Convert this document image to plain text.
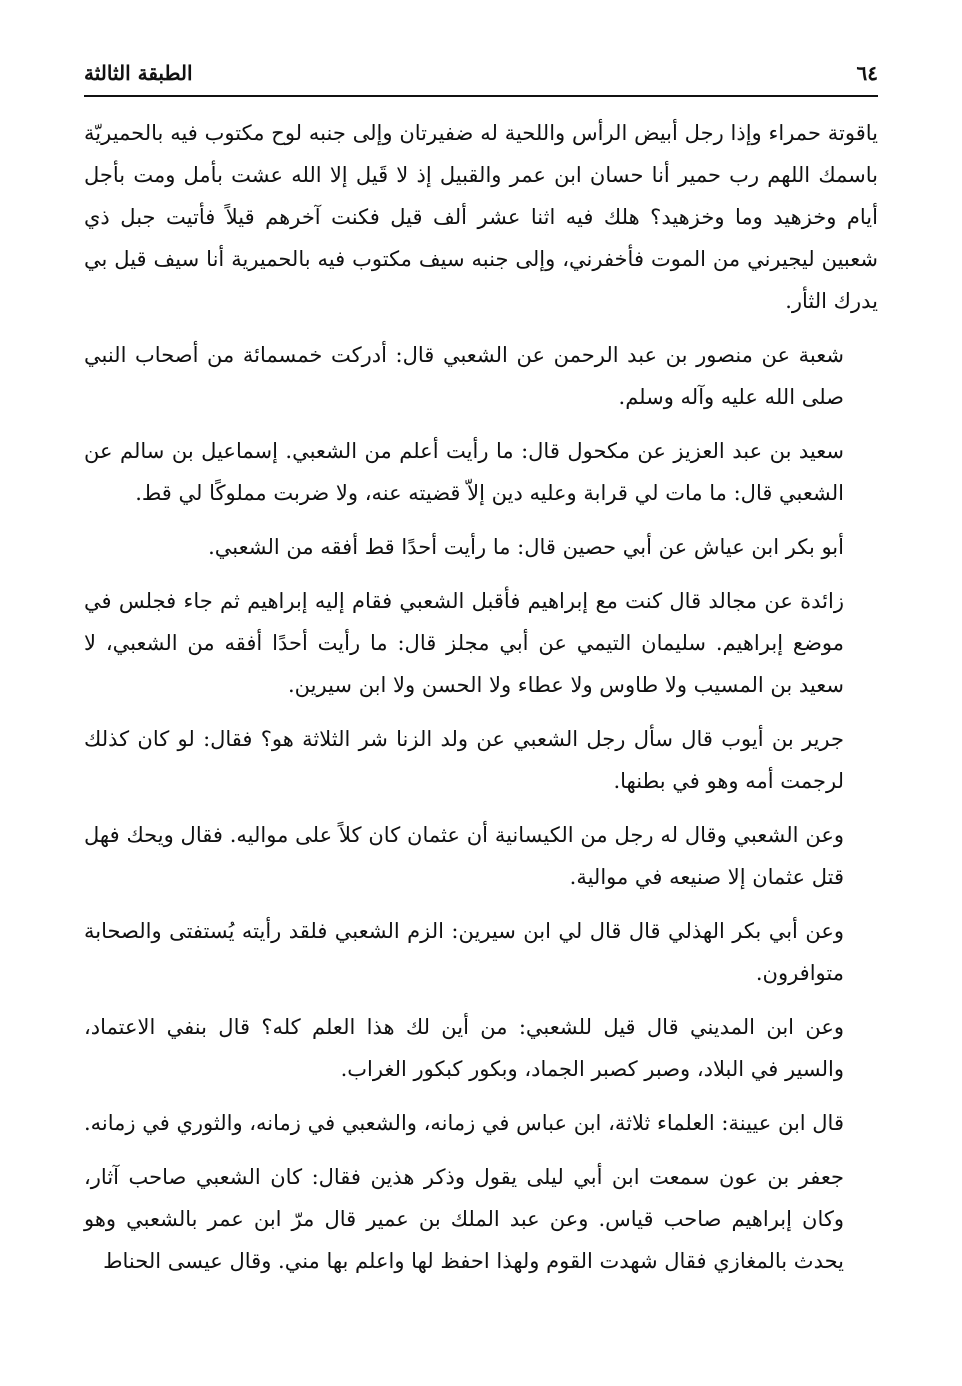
٦٤
الطبقة الثالثة

ياقوتة حمراء وإذا رجل أبيض الرأس واللحية له ضفيرتان وإلى جنبه لوح مكتوب فيه بالحميريّة باسمك اللهم رب حمير أنا حسان ابن عمر والقبيل إذ لا قَيل إلا الله عشت بأمل ومت بأجل أيام وخزهيد وما وخزهيد؟ هلك فيه اثنا عشر ألف قيل فكنت آخرهم قيلاً فأتيت جبل ذي شعبين ليجيرني من الموت فأخفرني، وإلى جنبه سيف مكتوب فيه بالحميرية أنا سيف قيل بي يدرك الثأر.

شعبة عن منصور بن عبد الرحمن عن الشعبي قال: أدركت خمسمائة من أصحاب النبي صلى الله عليه وآله وسلم.

سعيد بن عبد العزيز عن مكحول قال: ما رأيت أعلم من الشعبي. إسماعيل بن سالم عن الشعبي قال: ما مات لي قرابة وعليه دين إلاّ قضيته عنه، ولا ضربت مملوكًا لي قط.

أبو بكر ابن عياش عن أبي حصين قال: ما رأيت أحدًا قط أفقه من الشعبي.

زائدة عن مجالد قال كنت مع إبراهيم فأقبل الشعبي فقام إليه إبراهيم ثم جاء فجلس في موضع إبراهيم. سليمان التيمي عن أبي مجلز قال: ما رأيت أحدًا أفقه من الشعبي، لا سعيد بن المسيب ولا طاوس ولا عطاء ولا الحسن ولا ابن سيرين.

جرير بن أيوب قال سأل رجل الشعبي عن ولد الزنا شر الثلاثة هو؟ فقال: لو كان كذلك لرجمت أمه وهو في بطنها.

وعن الشعبي وقال له رجل من الكيسانية أن عثمان كان كلاً على مواليه. فقال ويحك فهل قتل عثمان إلا صنيعه في موالية.

وعن أبي بكر الهذلي قال قال لي ابن سيرين: الزم الشعبي فلقد رأيته يُستفتى والصحابة متوافرون.

وعن ابن المديني قال قيل للشعبي: من أين لك هذا العلم كله؟ قال بنفي الاعتماد، والسير في البلاد، وصبر كصبر الجماد، وبكور كبكور الغراب.

قال ابن عيينة: العلماء ثلاثة، ابن عباس في زمانه، والشعبي في زمانه، والثوري في زمانه.

جعفر بن عون سمعت ابن أبي ليلى يقول وذكر هذين فقال: كان الشعبي صاحب آثار، وكان إبراهيم صاحب قياس. وعن عبد الملك بن عمير قال مرّ ابن عمر بالشعبي وهو يحدث بالمغازي فقال شهدت القوم ولهذا احفظ لها واعلم بها مني. وقال عيسى الحناط
